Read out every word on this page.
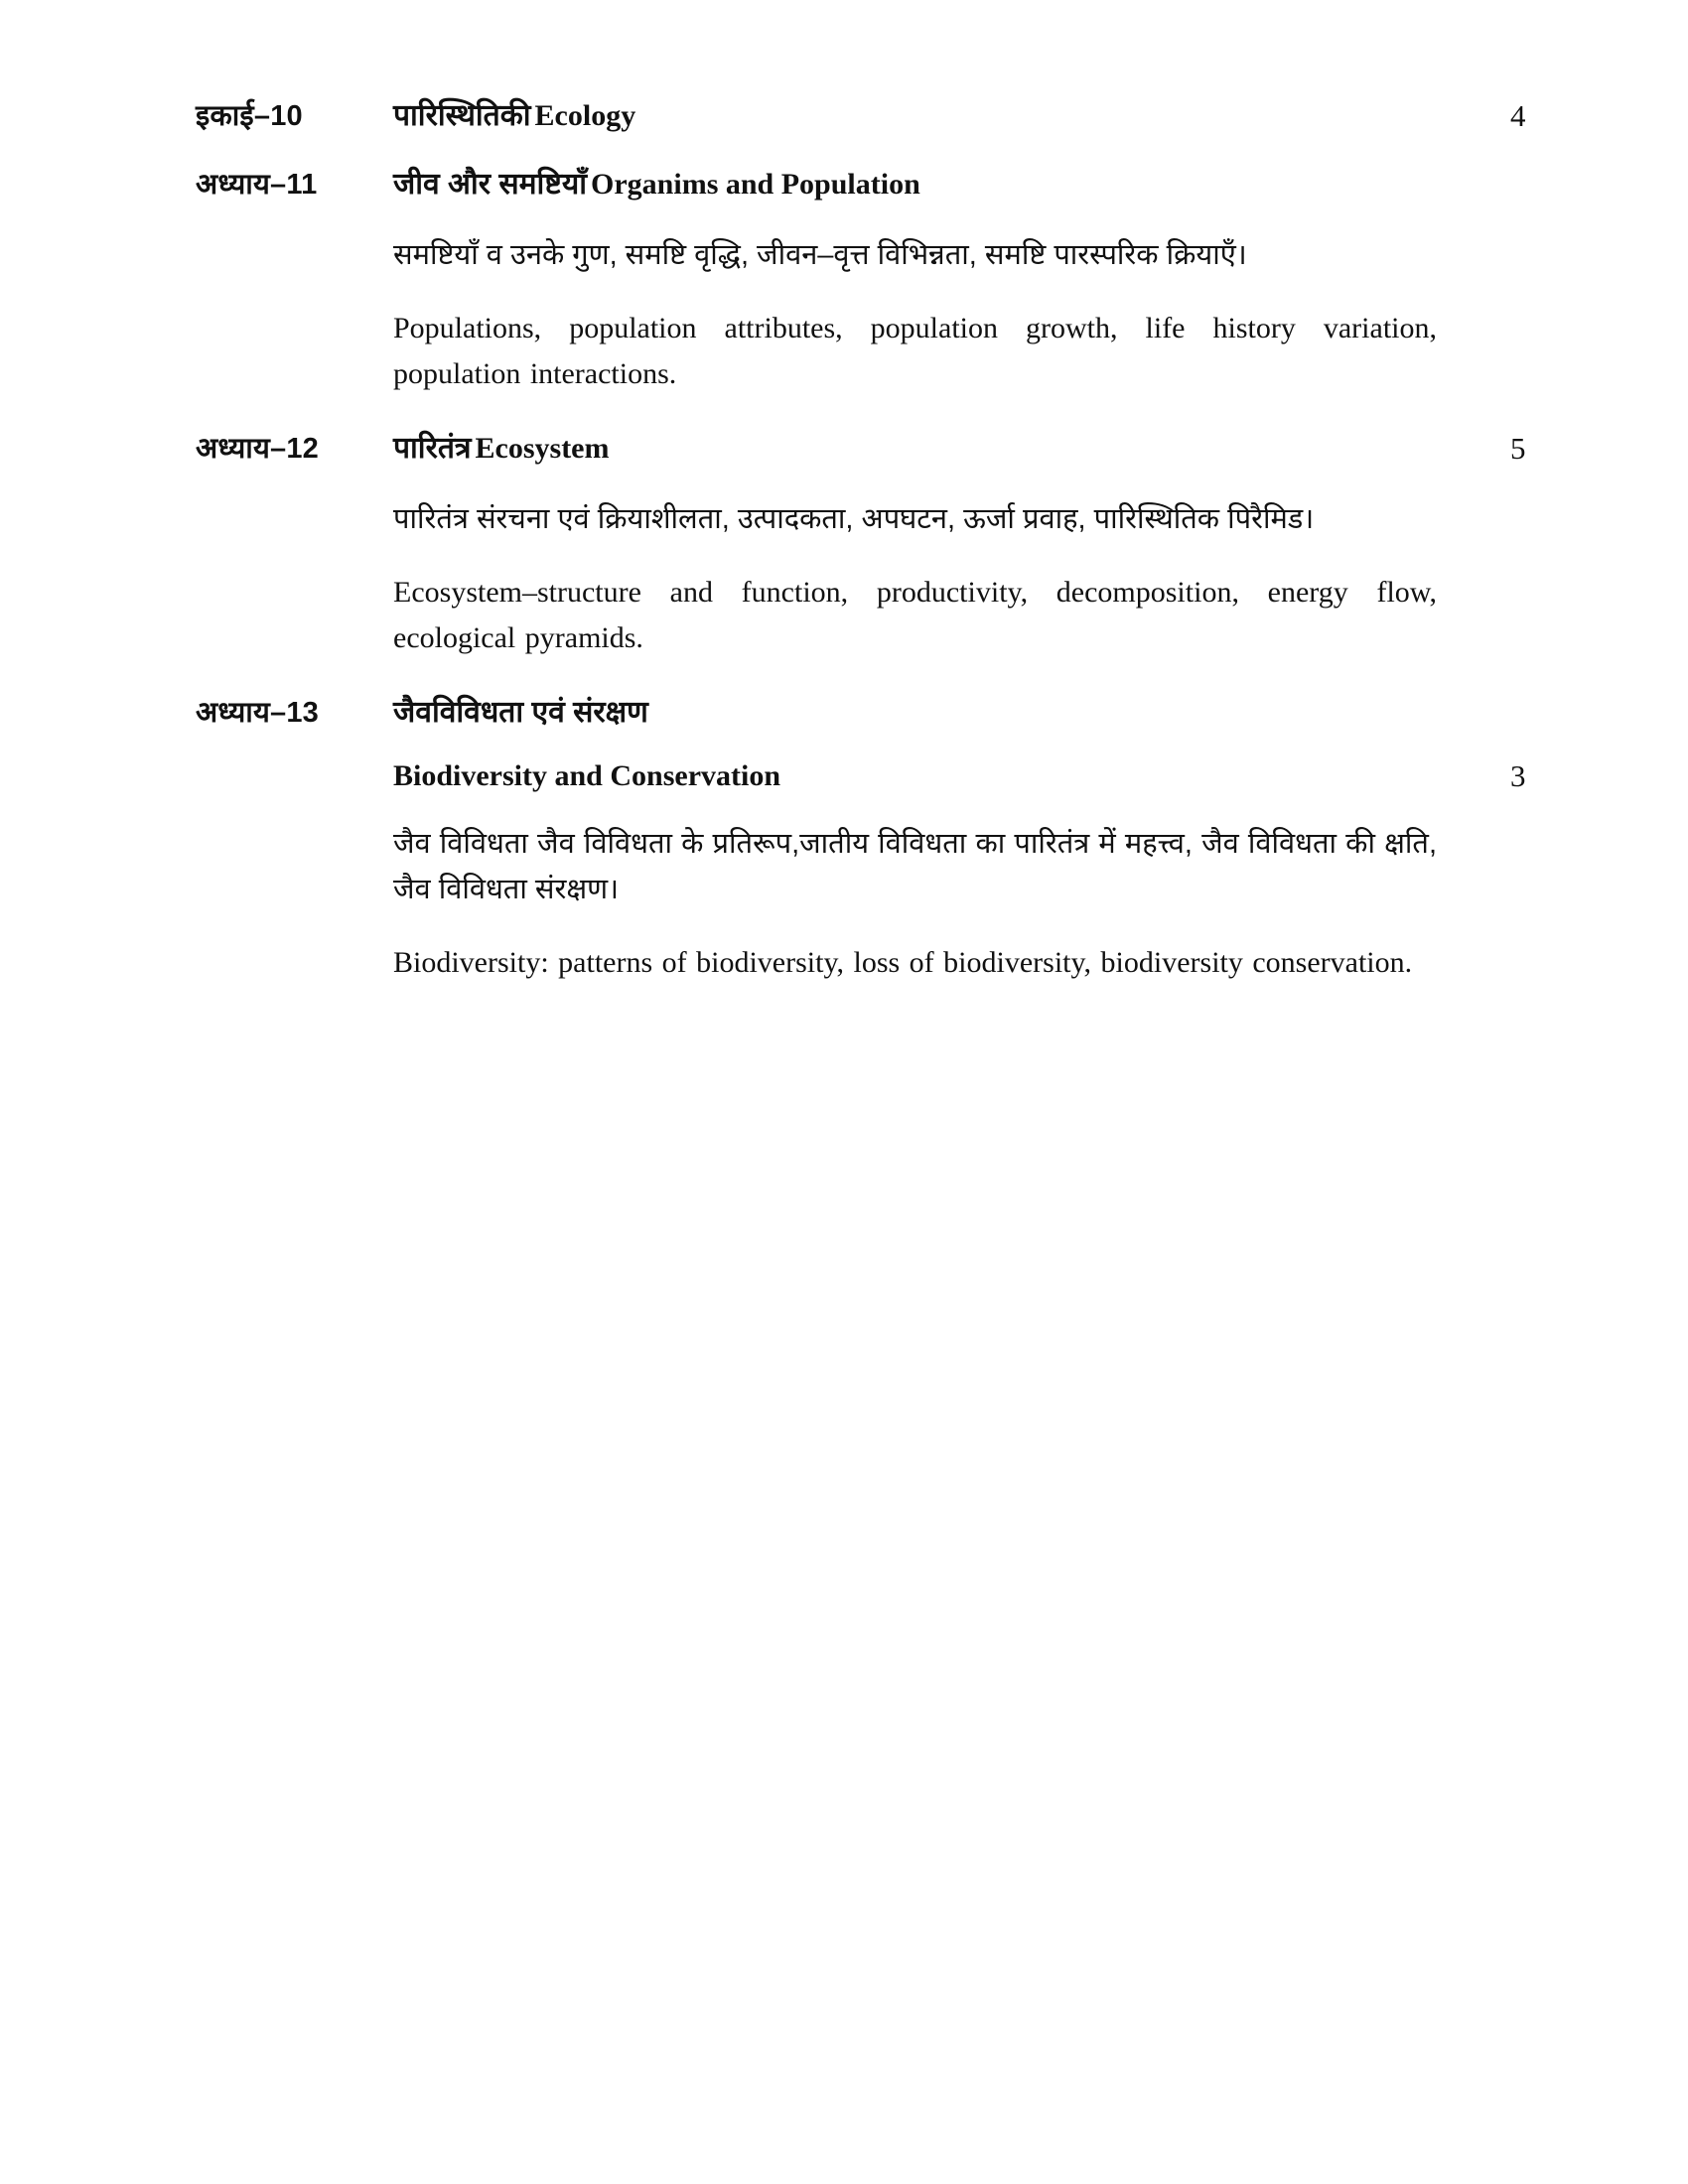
इकाई–10	पारिस्थितिकी Ecology	4
अध्याय–11	जीव और समष्टियाँ Organims and Population
समष्टियाँ व उनके गुण, समष्टि वृद्धि, जीवन–वृत्त विभिन्नता, समष्टि पारस्परिक क्रियाएँ।
Populations, population attributes, population growth, life history variation, population interactions.
अध्याय–12	पारितंत्र Ecosystem	5
पारितंत्र संरचना एवं क्रियाशीलता, उत्पादकता, अपघटन, ऊर्जा प्रवाह, पारिस्थितिक पिरैमिड।
Ecosystem–structure and function, productivity, decomposition, energy flow, ecological pyramids.
अध्याय–13	जैवविविधता एवं संरक्षण
Biodiversity and Conservation	3
जैव विविधता जैव विविधता के प्रतिरूप,जातीय विविधता का पारितंत्र में महत्त्व, जैव विविधता की क्षति, जैव विविधता संरक्षण।
Biodiversity: patterns of biodiversity, loss of biodiversity, biodiversity conservation.
